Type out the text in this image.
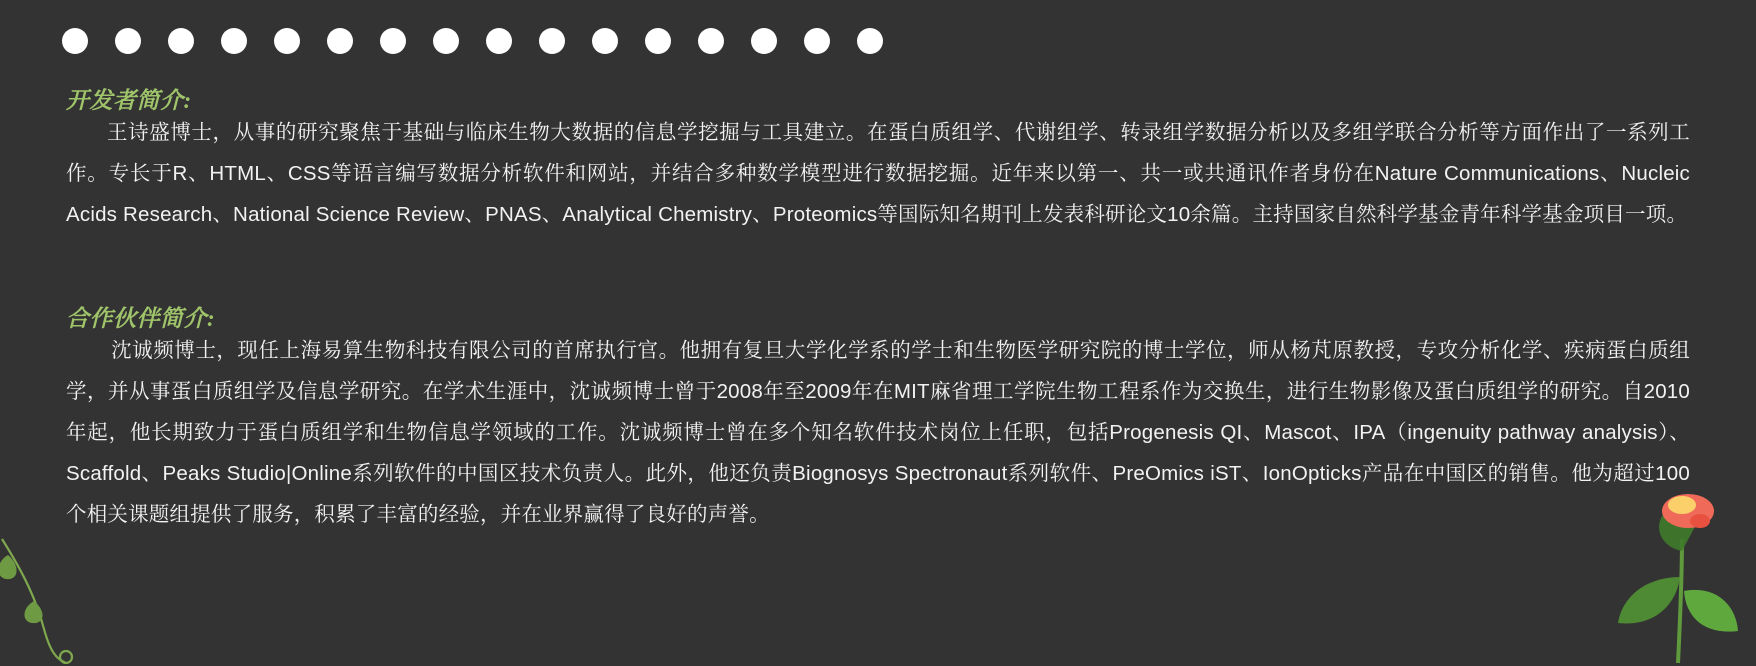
开发者简介:
王诗盛博士，从事的研究聚焦于基础与临床生物大数据的信息学挖掘与工具建立。在蛋白质组学、代谢组学、转录组学数据分析以及多组学联合分析等方面作出了一系列工作。专长于R、HTML、CSS等语言编写数据分析软件和网站，并结合多种数学模型进行数据挖掘。近年来以第一、共一或共通讯作者身份在Nature Communications、Nucleic Acids Research、National Science Review、PNAS、Analytical Chemistry、Proteomics等国际知名期刊上发表科研论文10余篇。主持国家自然科学基金青年科学基金项目一项。
合作伙伴简介:
沈诚频博士，现任上海易算生物科技有限公司的首席执行官。他拥有复旦大学化学系的学士和生物医学研究院的博士学位，师从杨芃原教授，专攻分析化学、疾病蛋白质组学，并从事蛋白质组学及信息学研究。在学术生涯中，沈诚频博士曾于2008年至2009年在MIT麻省理工学院生物工程系作为交换生，进行生物影像及蛋白质组学的研究。自2010年起，他长期致力于蛋白质组学和生物信息学领域的工作。沈诚频博士曾在多个知名软件技术岗位上任职，包括Progenesis QI、Mascot、IPA（ingenuity pathway analysis）、Scaffold、Peaks Studio|Online系列软件的中国区技术负责人。此外，他还负责Biognosys Spectronaut系列软件、PreOmics iST、IonOpticks产品在中国区的销售。他为超过100个相关课题组提供了服务，积累了丰富的经验，并在业界赢得了良好的声誉。
